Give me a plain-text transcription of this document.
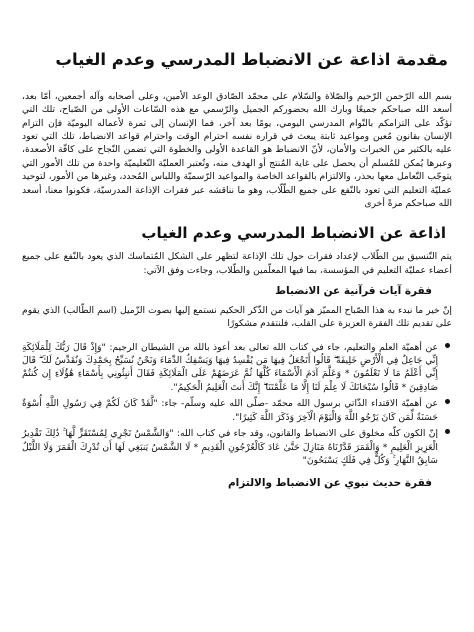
مقدمة اذاعة عن الانضباط المدرسي وعدم الغياب

بسم الله الرّحمن الرّحيم والصّلاة والسّلام على محمّد الصّادق الوعد الأمين، وعلى أصحابه وآله أجمعين، أمّا بعد، أسعد الله صباحكم جميعًا وبارك الله بحضوركم الجميل والرّسمي مع هذه السّاعات الأولى من الصّباح، تلك التي تؤكّد على التزامكم بالتّوام المدرسي اليومي، يومًا بعد آخر، فما الإنسان إلى ثمرة لأعماله اليوميّة فإن التزام الإنسان بقانون مُعين ومواعيد ثابتة يبعث في قراره نفسه احترام الوقت واحترام قواعد الانضباط، تلك التي تعود عليه بالكثير من الخبرات والأمان، لأنّ الانضباط هو القاعدة الأولى والخطوة التي تضمن النّجاح على كافّة الأصعدة، وعبرها يُمكن للمُسلم أن يحصل على غاية المُنتج أو الهدف منه، وتُعتبر العمليّة التّعليميّة واحدة من تلك الأمور التي يتوجّب التّعامل معها بحذر، والالتزام بالقواعد الخاصة والمواعيد الرّسميّة واللباس المُحدد، وغيرها من الأمور، لتوحيد عمليّة التعليم التي تعود بالنّفع على جميع الطّلّاب، وهو ما نناقشه عبر فقرات الإذاعة المدرسيّة، فكونوا معنا، أسعد الله صباحكم مرةً أخرى

اذاعة عن الانضباط المدرسي وعدم الغياب

يتم التّنسيق بين الطّلاب لإعداد فقرات حول تلك الإذاعة لتظهر على الشكل المُتماسك الذي يعود بالنّفع على جميع أعضاء عمليّة التعليم في المؤسسة، بما فيها المعلّمين والطّلاب، وجاءت وفق الآتي:

فقرة آيات قرآنية عن الانضباط

إنّ خير ما نبدء به هذا الصّباح المميّز هو آيات من الذّكر الحكيم نستمع إليها بصوت الزّميل (اسم الطّالب) الذي يقوم على تقديم تلك الفقرة العزيزة على القلب، فلنتقدم مشكورًا

عن أهميّة العلم والتعليم، جاء في كتاب الله تعالى بعد أعوذ بالله من الشيطان الرجيم: "وَإِذْ قَالَ رَبُّكَ لِلْمَلَائِكَةِ إِنِّي جَاعِلٌ فِي الْأَرْضِ خَلِيفَةً ۖ قَالُوا أَتَجْعَلُ فِيهَا مَن يُفْسِدُ فِيهَا وَيَسْفِكُ الدِّمَاءَ وَنَحْنُ نُسَبِّحُ بِحَمْدِكَ وَنُقَدِّسُ لَكَ ۖ قَالَ إِنِّي أَعْلَمُ مَا لَا تَعْلَمُونَ * وَعَلَّمَ آدَمَ الْأَسْمَاءَ كُلَّهَا ثُمَّ عَرَضَهُمْ عَلَى الْمَلَائِكَةِ فَقَالَ أَنبِئُونِي بِأَسْمَاءِ هَٰؤُلَاءِ إِن كُنتُمْ صَادِقِينَ * قَالُوا سُبْحَانَكَ لَا عِلْمَ لَنَا إِلَّا مَا عَلَّمْتَنَا ۖ إِنَّكَ أَنتَ الْعَلِيمُ الْحَكِيمُ".
عن أهميّة الاقتداء الذّاتي برسول الله محمّد -صلّى الله عليه وسلّم- جاء: "لَّقَدْ كَانَ لَكُمْ فِي رَسُولِ اللَّهِ أُسْوَةٌ حَسَنَةٌ لِّمَن كَانَ يَرْجُو اللَّهَ وَالْيَوْمَ الْآخِرَ وَذَكَرَ اللَّهَ كَثِيرًا".
إنّ الكون كلّه مخلوق على الانضباط والقانون، وقد جاء في كتاب الله: "وَالشَّمْسُ تَجْرِي لِمُسْتَقَرٍّ لَّهَا ۚ ذَٰلِكَ تَقْدِيرُ الْعَزِيزِ الْعَلِيمِ * وَالْقَمَرَ قَدَّرْنَاهُ مَنَازِلَ حَتَّىٰ عَادَ كَالْعُرْجُونِ الْقَدِيمِ * لَا الشَّمْسُ يَنبَغِي لَهَا أَن تُدْرِكَ الْقَمَرَ وَلَا اللَّيْلُ سَابِقُ النَّهَارِ ۚ وَكُلٌّ فِي فَلَكٍ يَسْبَحُونَ"
فقرة حديث نبوي عن الانضباط والالتزام
